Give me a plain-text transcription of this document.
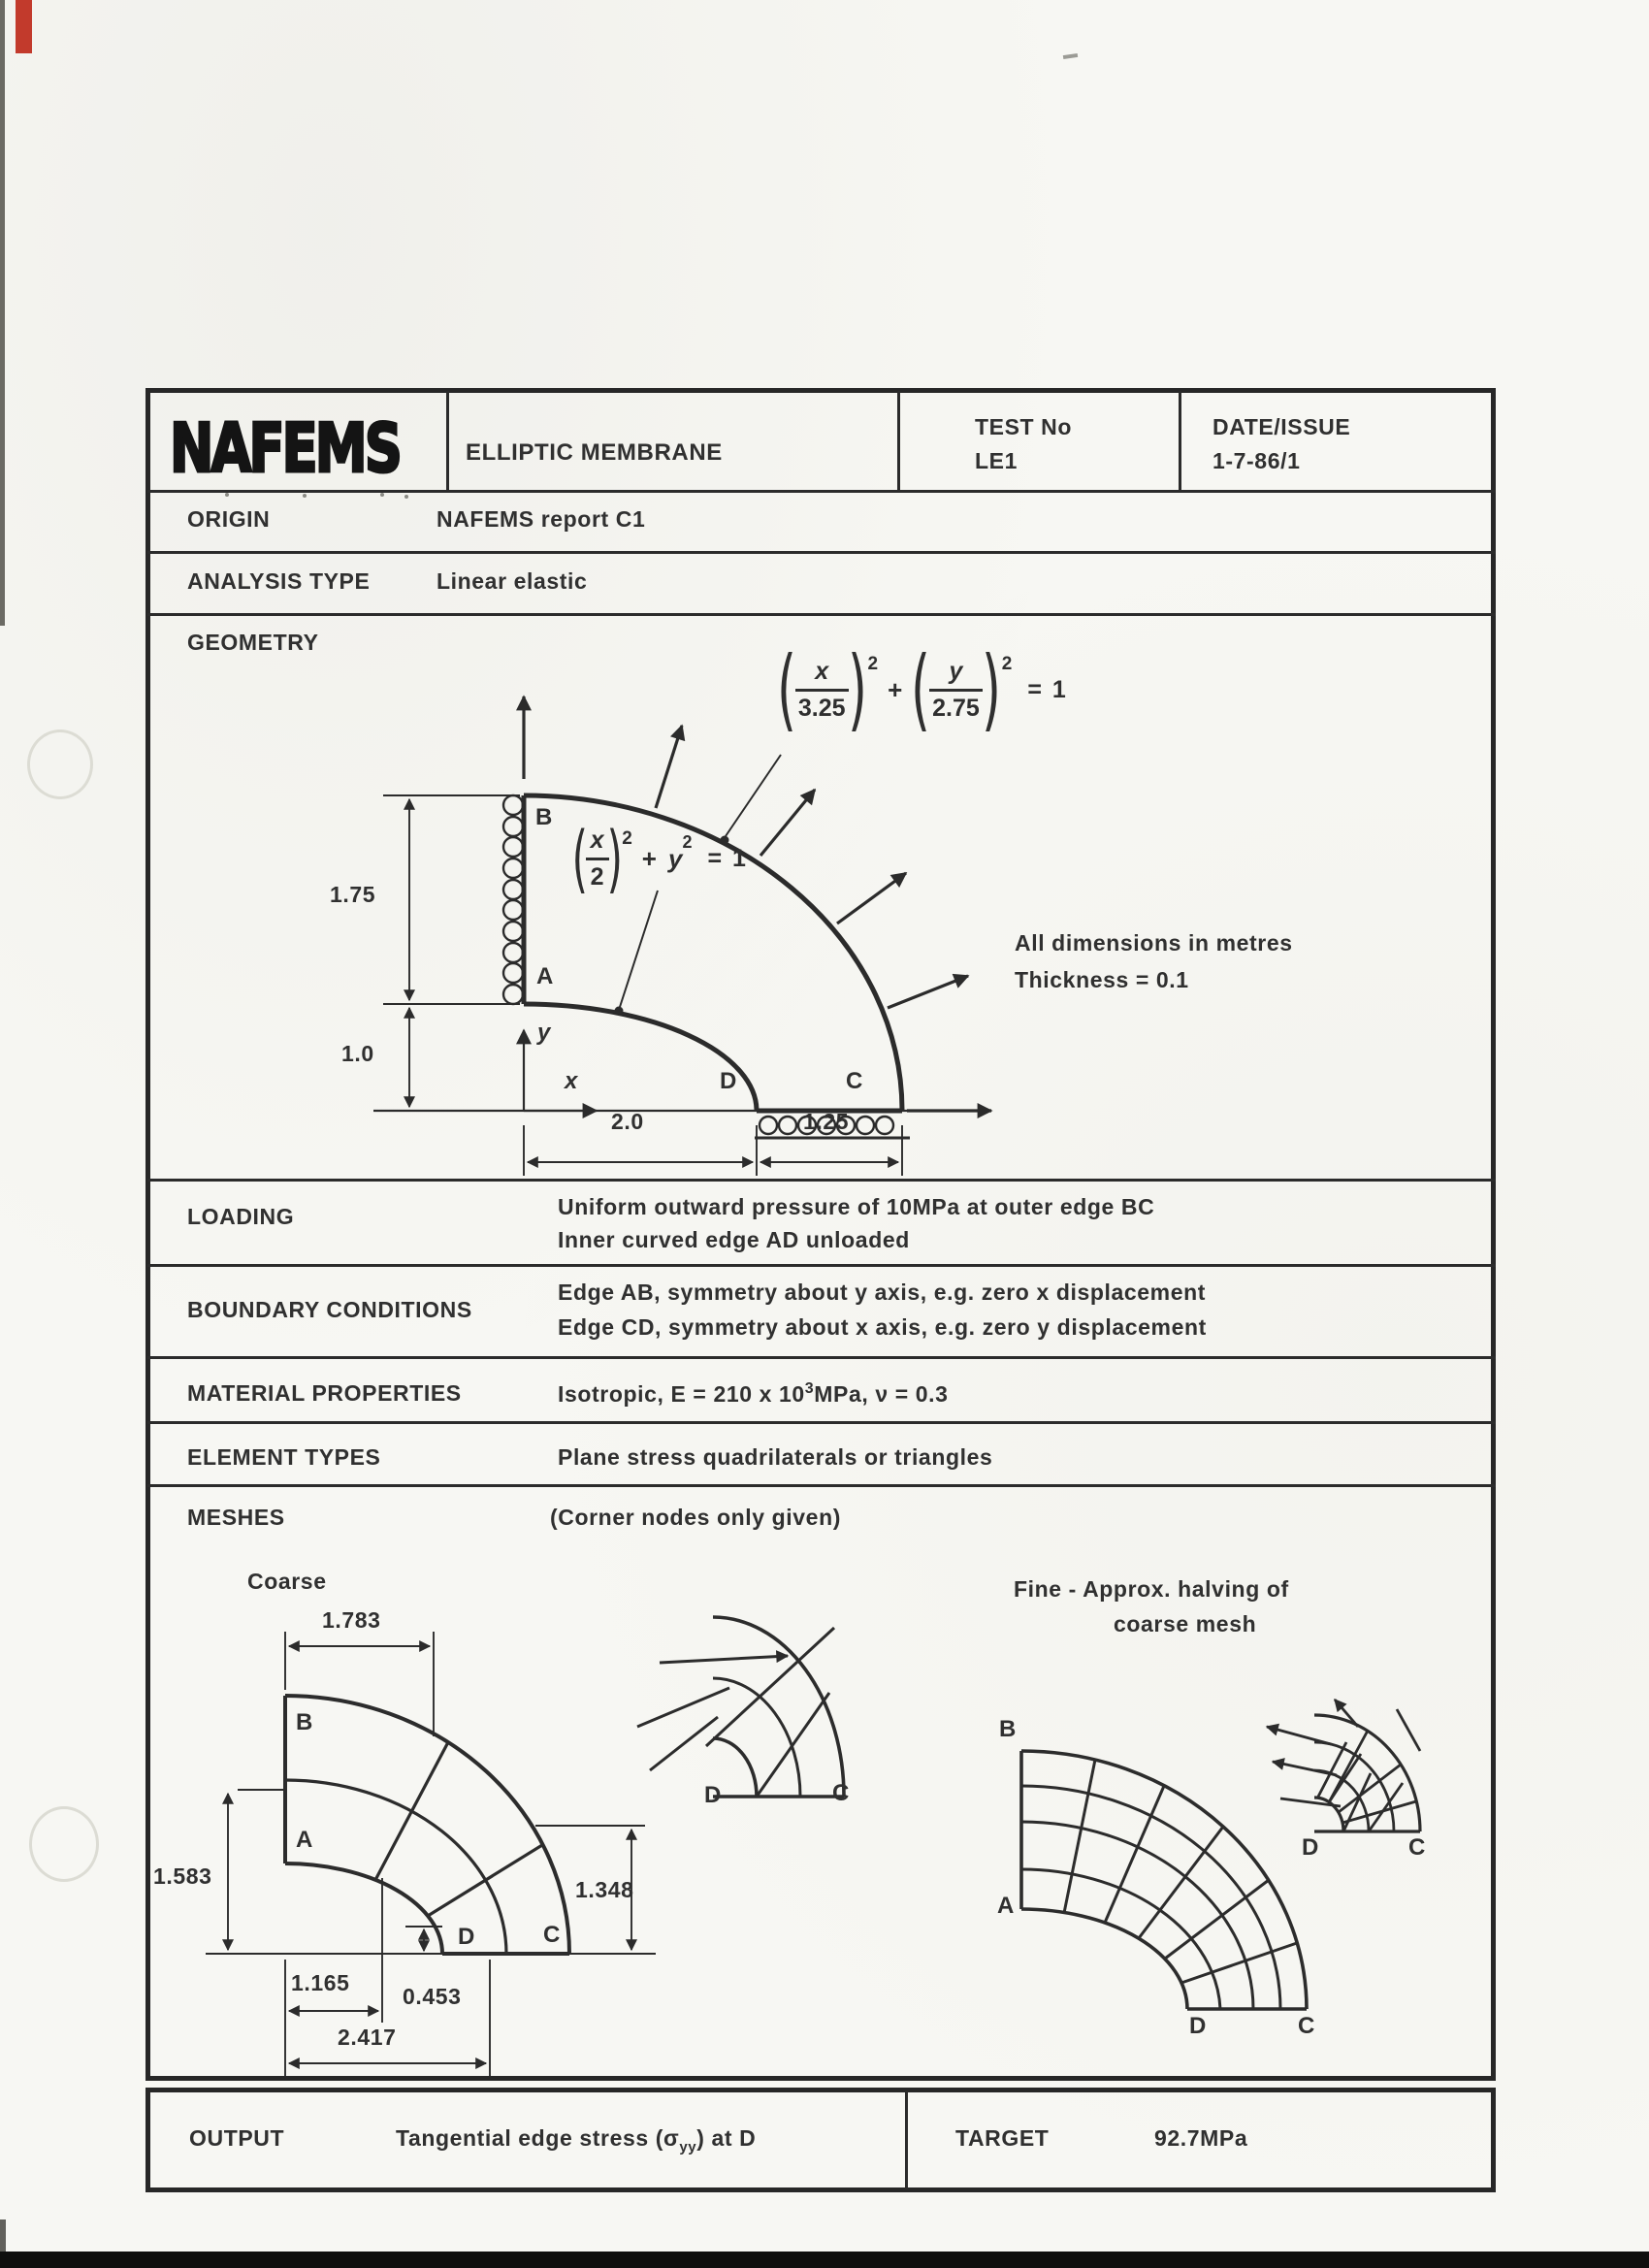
NAFEMS	ELLIPTIC MEMBRANE
TEST No
LE1
DATE/ISSUE
1-7-86/1
ORIGIN	NAFEMS report C1
ANALYSIS TYPE	Linear elastic
GEOMETRY
B
A
D	C
1.75
1.0
2.0	1.25
y
x
All dimensions in metres
Thickness = 0.1
( $\frac{x}{3.25}$ ) 2
+ ( $\frac{y}{2.75}$ ) 2
= 1
(
$\frac{x}{2}$
) 2
+ y
2
= 1
LOADING	Uniform outward pressure of 10MPa at outer edge BC
Inner curved edge AD unloaded
BOUNDARY CONDITIONS
Edge AB, symmetry about y axis, e.g. zero x displacement
Edge CD, symmetry about x axis, e.g. zero y displacement
MATERIAL PROPERTIES	Isotropic, E = 210 x $10^3MPa$, ν = 0.3
ELEMENT TYPES	Plane stress quadrilaterals or triangles
MESHES	(Corner nodes only given)
Coarse	Fine - Approx. halving of
coarse mesh
B
A
D	C
1.783
1.583
1.165
0.453
2.417
1.348
D	C
B
A
D	C
D	C
OUTPUT	Tangential edge stress $(\sigma_{yy})$ at D	TARGET	92.7MPa
